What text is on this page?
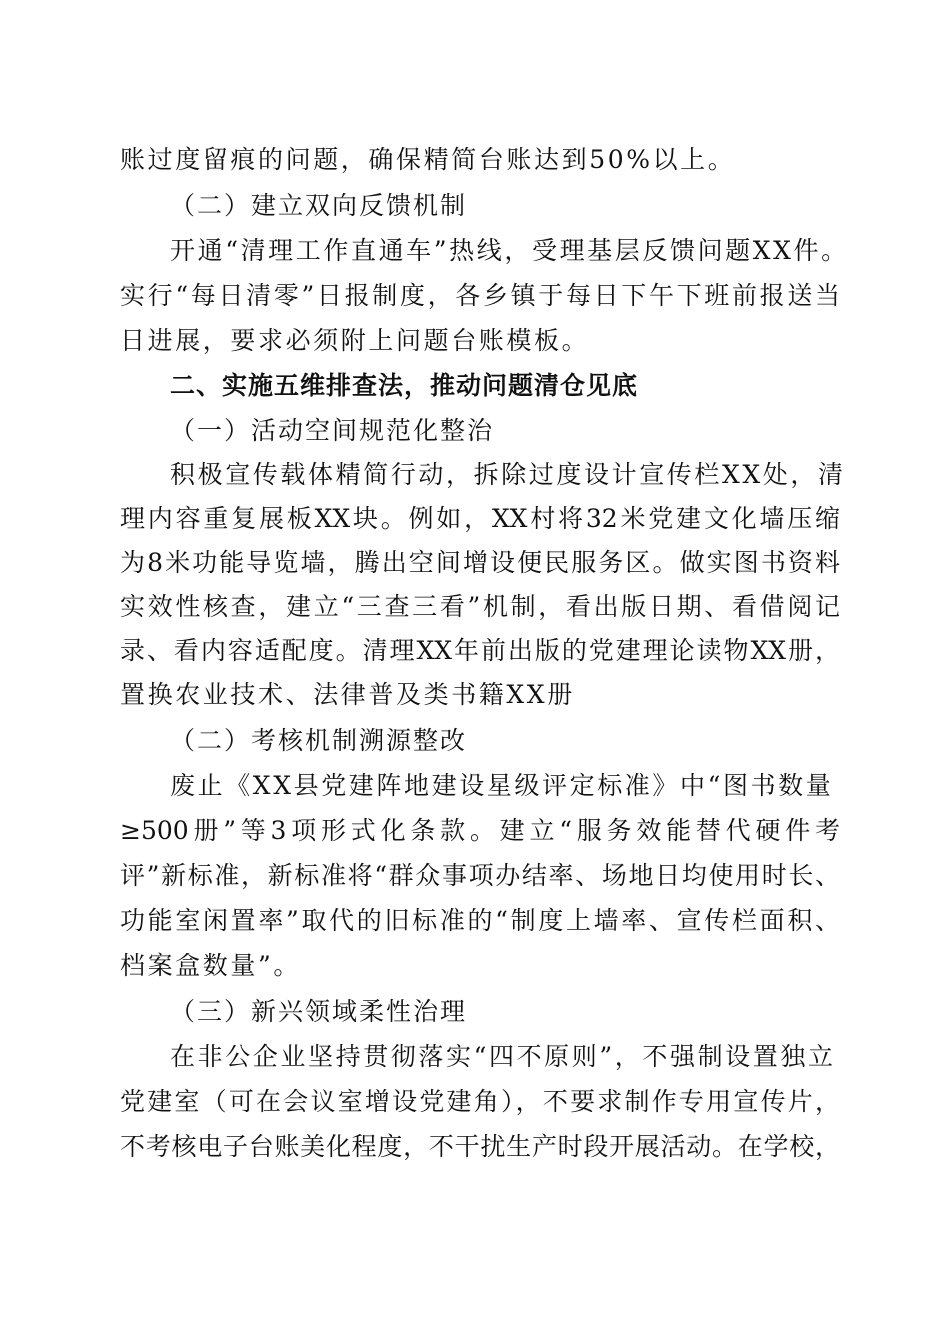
账过度留痕的问题，确保精简台账达到50%以上。
（二）建立双向反馈机制
开通“清理工作直通车”热线，受理基层反馈问题XX件。
实行“每日清零”日报制度，各乡镇于每日下午下班前报送当
日进展，要求必须附上问题台账模板。
二、实施五维排查法，推动问题清仓见底
（一）活动空间规范化整治
积极宣传载体精简行动，拆除过度设计宣传栏XX处，清
理内容重复展板XX块。例如，XX村将32米党建文化墙压缩
为8米功能导览墙，腾出空间增设便民服务区。做实图书资料
实效性核查，建立“三查三看”机制，看出版日期、看借阅记
录、看内容适配度。清理XX年前出版的党建理论读物XX册，
置换农业技术、法律普及类书籍XX册
（二）考核机制溯源整改
废止《XX县党建阵地建设星级评定标准》中“图书数量
≥500册”等3项形式化条款。建立“服务效能替代硬件考
评”新标准，新标准将“群众事项办结率、场地日均使用时长、
功能室闲置率”取代的旧标准的“制度上墙率、宣传栏面积、
档案盒数量”。
（三）新兴领域柔性治理
在非公企业坚持贯彻落实“四不原则”，不强制设置独立
党建室（可在会议室增设党建角），不要求制作专用宣传片，
不考核电子台账美化程度，不干扰生产时段开展活动。在学校，
